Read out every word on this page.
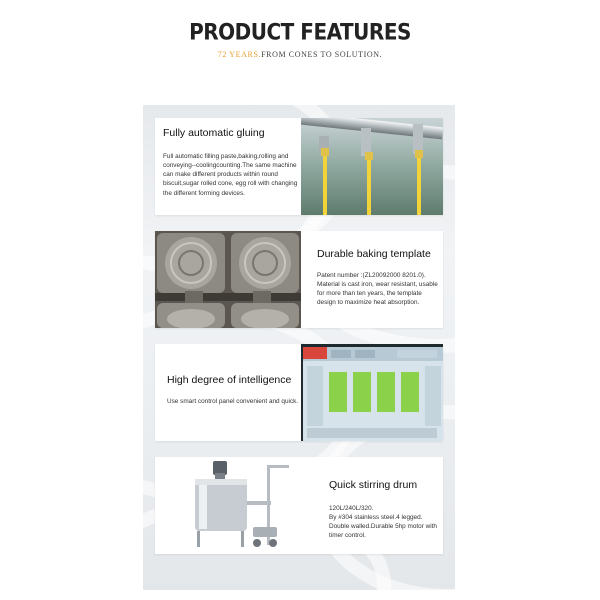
PRODUCT FEATURES
72 YEARS.FROM CONES TO SOLUTION.
Fully automatic gluing
Full automatic filling paste,baking,rolling and conveying--coolingcounting.The same machine can make different products within round biscuit,sugar rolled cone, egg roll with changing the different forming devices.
Durable baking template
Patent number :(ZL20092000 8201.0).
Material is cast iron, wear resistant, usable for more than ten years, the template design to maximize heat absorption.
High degree of intelligence
Use smart control panel convenient and quick.
Quick stirring drum
120L/240L/320.
By #304 stainless steel.4 legged.
Double walled.Durable 5hp motor with timer control.
